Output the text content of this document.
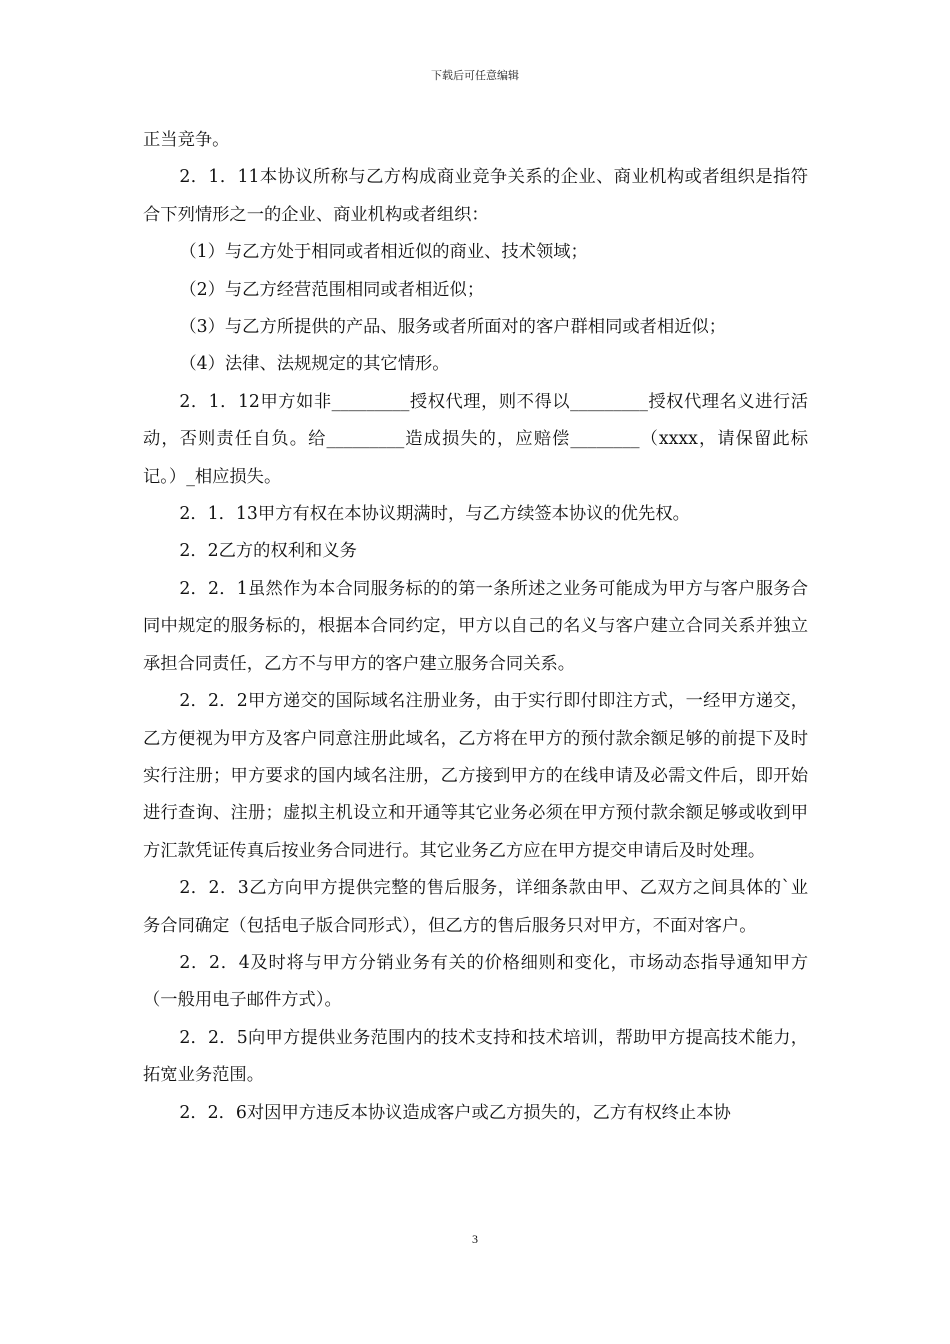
下载后可任意编辑

正当竞争。

2．1．11本协议所称与乙方构成商业竞争关系的企业、商业机构或者组织是指符合下列情形之一的企业、商业机构或者组织：

（1）与乙方处于相同或者相近似的商业、技术领域；

（2）与乙方经营范围相同或者相近似；

（3）与乙方所提供的产品、服务或者所面对的客户群相同或者相近似；

（4）法律、法规规定的其它情形。

2．1．12甲方如非_________授权代理，则不得以_________授权代理名义进行活动，否则责任自负。给_________造成损失的，应赔偿________（xxxx，请保留此标记。）_相应损失。

2．1．13甲方有权在本协议期满时，与乙方续签本协议的优先权。

2．2乙方的权利和义务

2．2．1虽然作为本合同服务标的的第一条所述之业务可能成为甲方与客户服务合同中规定的服务标的，根据本合同约定，甲方以自己的名义与客户建立合同关系并独立承担合同责任，乙方不与甲方的客户建立服务合同关系。

2．2．2甲方递交的国际域名注册业务，由于实行即付即注方式，一经甲方递交，乙方便视为甲方及客户同意注册此域名，乙方将在甲方的预付款余额足够的前提下及时实行注册；甲方要求的国内域名注册，乙方接到甲方的在线申请及必需文件后，即开始进行查询、注册；虚拟主机设立和开通等其它业务必须在甲方预付款余额足够或收到甲方汇款凭证传真后按业务合同进行。其它业务乙方应在甲方提交申请后及时处理。

2．2．3乙方向甲方提供完整的售后服务，详细条款由甲、乙双方之间具体的`业务合同确定（包括电子版合同形式），但乙方的售后服务只对甲方，不面对客户。

2．2．4及时将与甲方分销业务有关的价格细则和变化，市场动态指导通知甲方（一般用电子邮件方式）。

2．2．5向甲方提供业务范围内的技术支持和技术培训，帮助甲方提高技术能力，拓宽业务范围。

2．2．6对因甲方违反本协议造成客户或乙方损失的，乙方有权终止本协

3
